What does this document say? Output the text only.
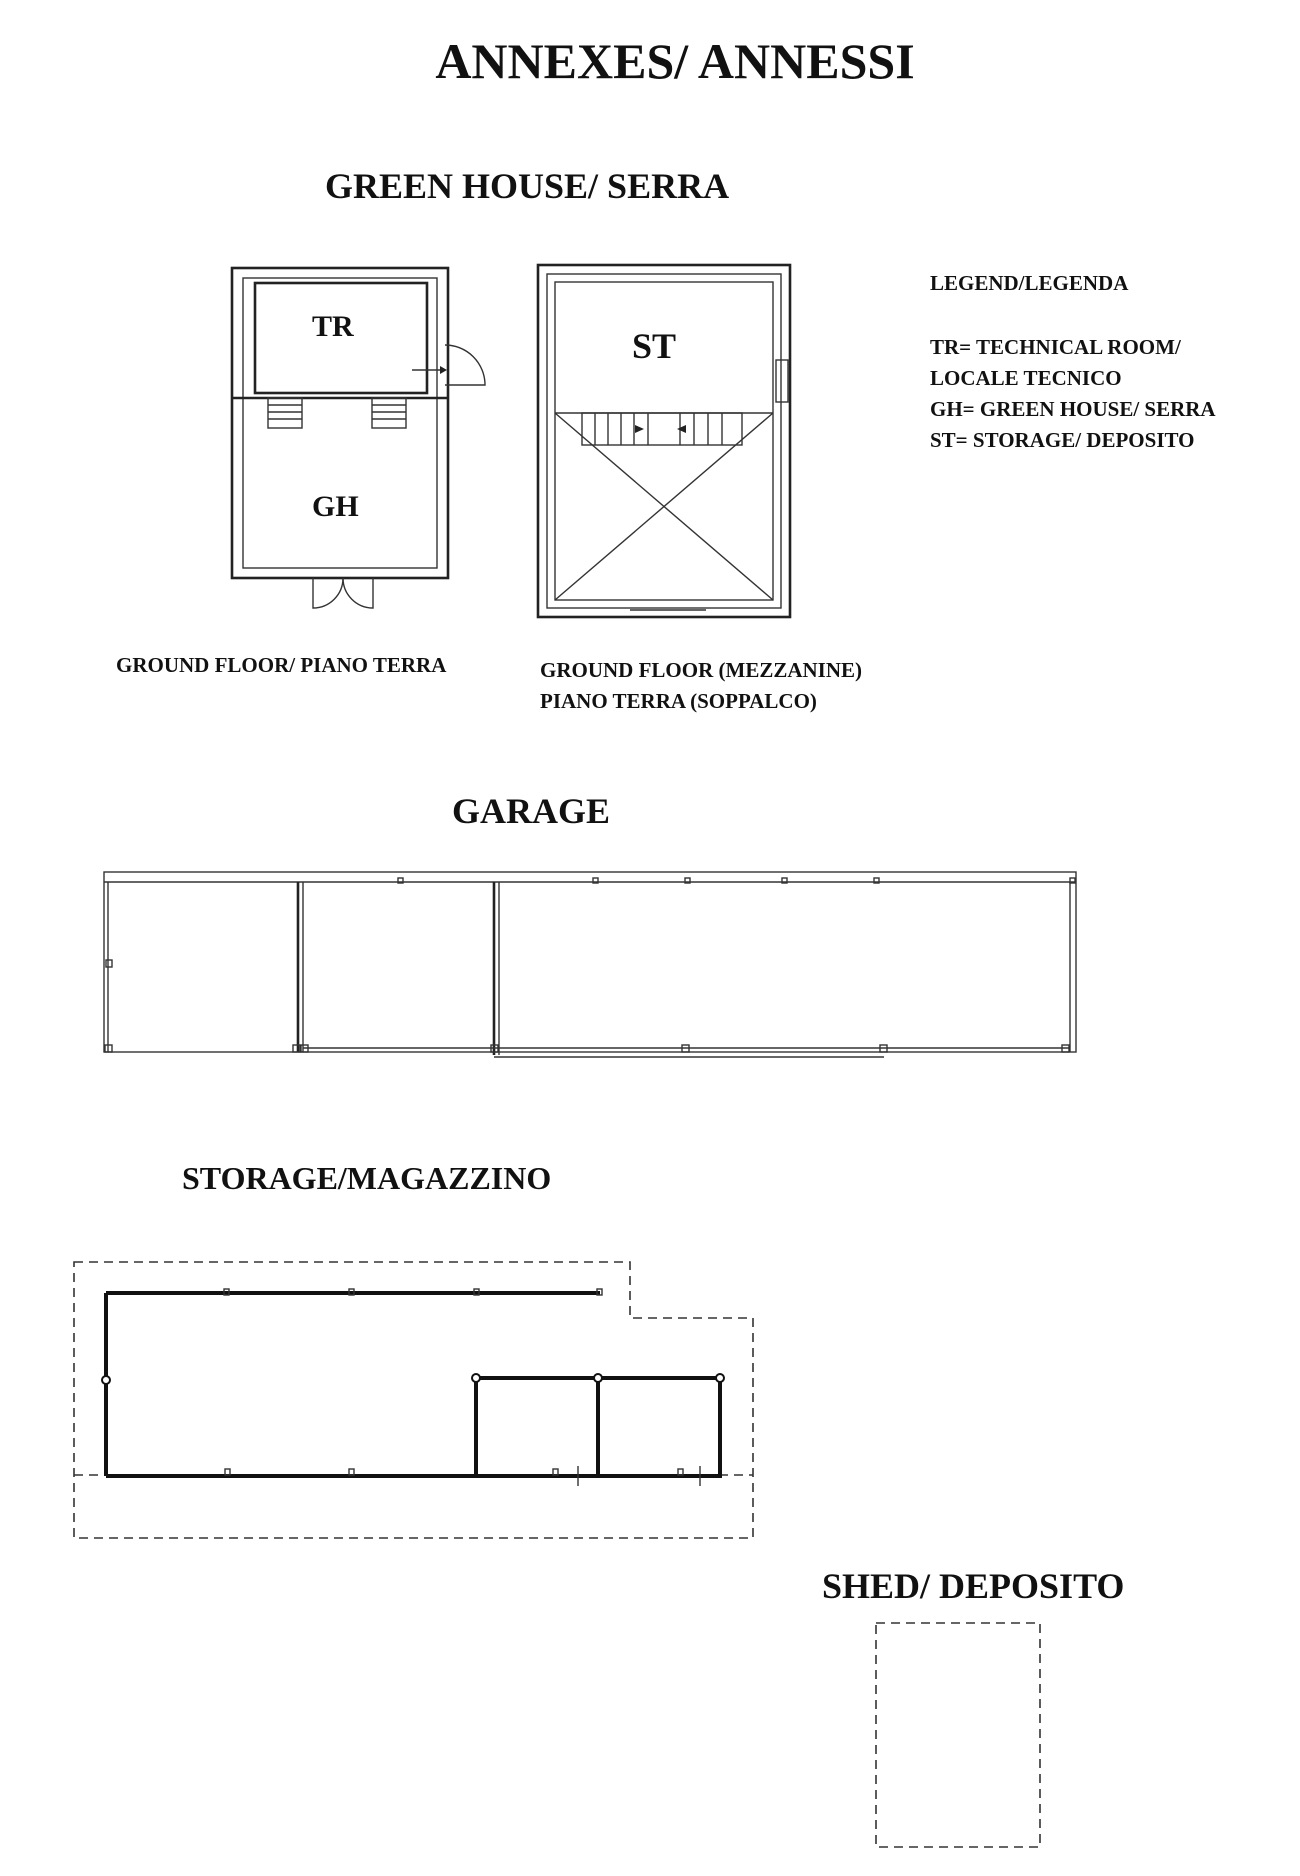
ANNEXES/ ANNESSI
GREEN HOUSE/ SERRA
TR
GH
ST
GROUND FLOOR/ PIANO TERRA	GROUND FLOOR (MEZZANINE)
PIANO TERRA (SOPPALCO)
LEGEND/LEGENDA
TR= TECHNICAL ROOM/
LOCALE TECNICO
GH= GREEN HOUSE/ SERRA
ST= STORAGE/ DEPOSITO
GARAGE
STORAGE/MAGAZZINO
SHED/ DEPOSITO
